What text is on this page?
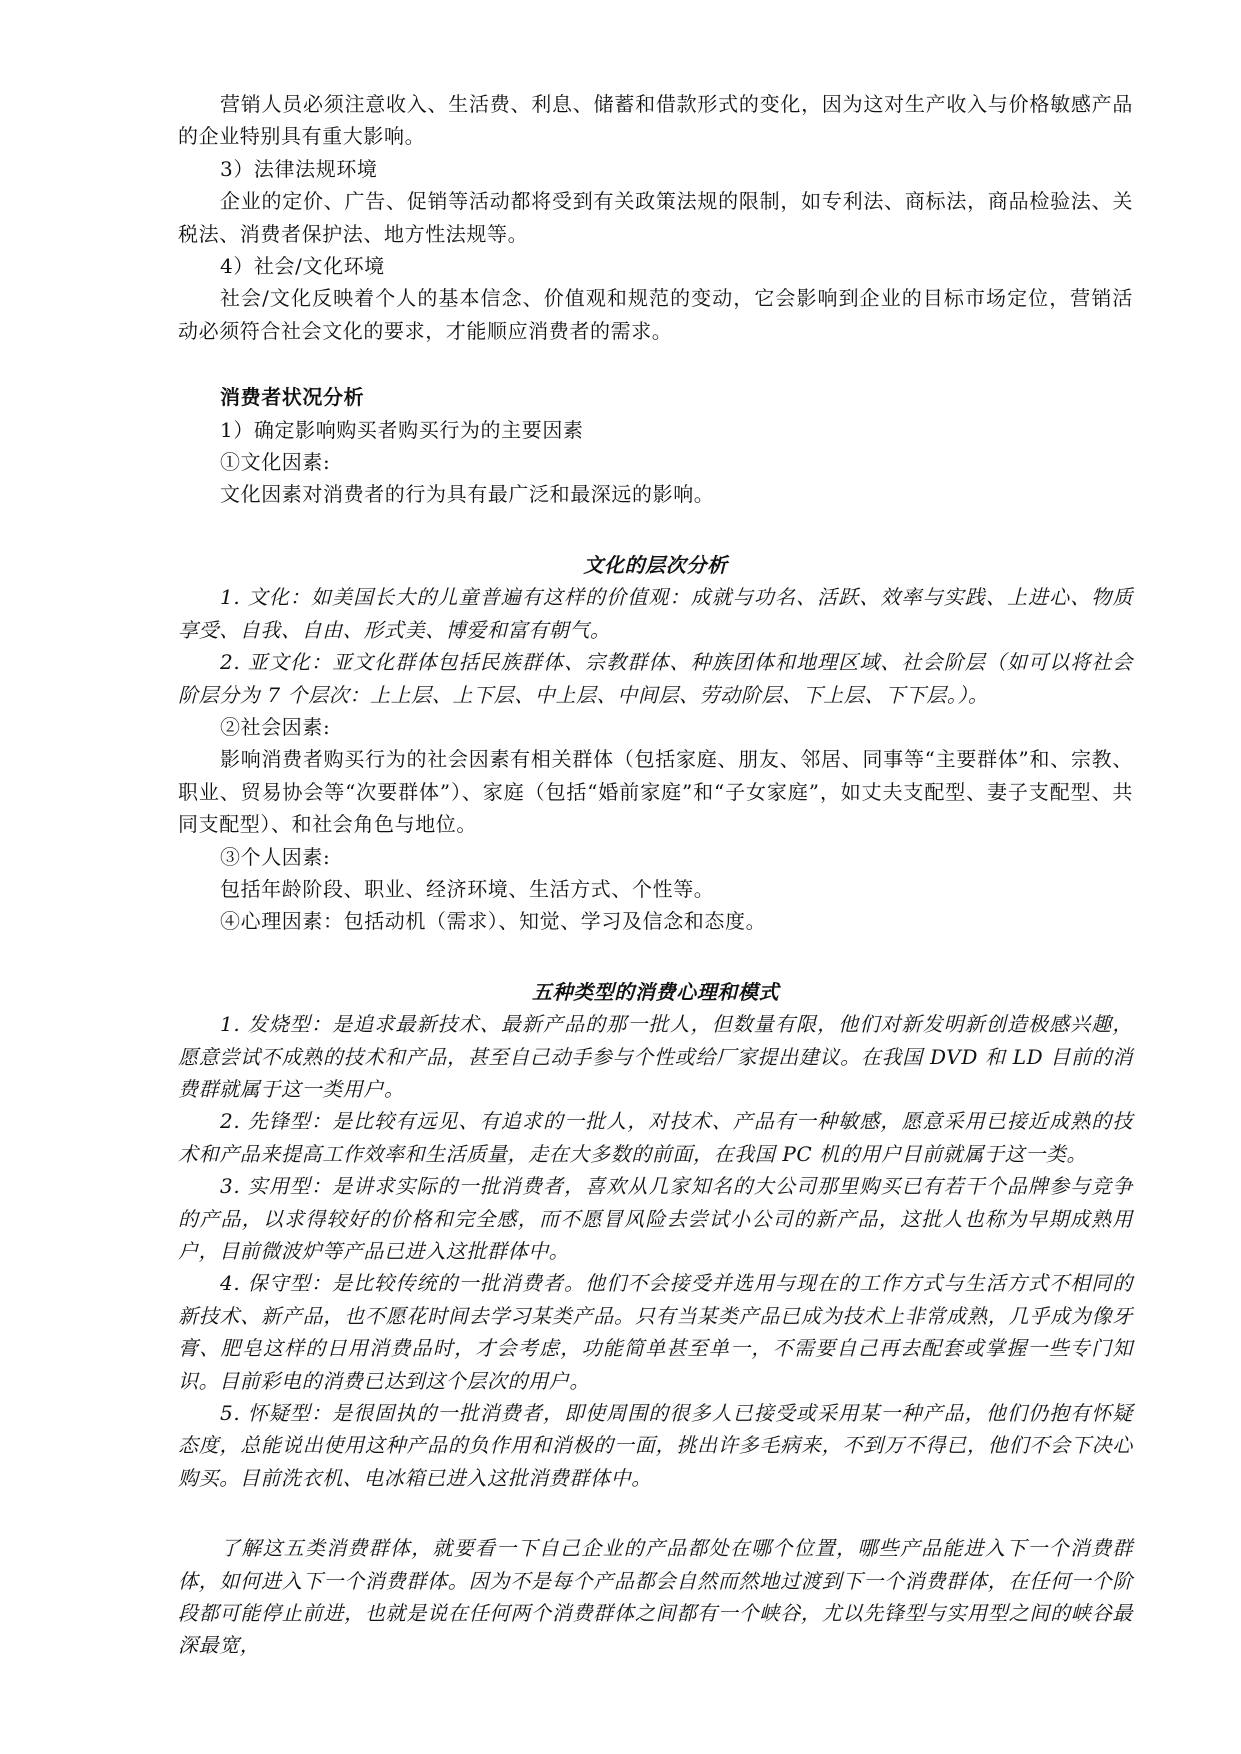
营销人员必须注意收入、生活费、利息、储蓄和借款形式的变化，因为这对生产收入与价格敏感产品的企业特别具有重大影响。

3）法律法规环境

企业的定价、广告、促销等活动都将受到有关政策法规的限制，如专利法、商标法，商品检验法、关税法、消费者保护法、地方性法规等。

4）社会/文化环境

社会/文化反映着个人的基本信念、价值观和规范的变动，它会影响到企业的目标市场定位，营销活动必须符合社会文化的要求，才能顺应消费者的需求。

消费者状况分析

1）确定影响购买者购买行为的主要因素

①文化因素:

文化因素对消费者的行为具有最广泛和最深远的影响。

文化的层次分析

1. 文化：如美国长大的儿童普遍有这样的价值观：成就与功名、活跃、效率与实践、上进心、物质享受、自我、自由、形式美、博爱和富有朝气。

2. 亚文化：亚文化群体包括民族群体、宗教群体、种族团体和地理区域、社会阶层（如可以将社会阶层分为 7 个层次：上上层、上下层、中上层、中间层、劳动阶层、下上层、下下层。）。

②社会因素:

影响消费者购买行为的社会因素有相关群体（包括家庭、朋友、邻居、同事等“主要群体”和、宗教、职业、贸易协会等“次要群体”）、家庭（包括“婚前家庭”和“子女家庭”，如丈夫支配型、妻子支配型、共同支配型）、和社会角色与地位。

③个人因素:

包括年龄阶段、职业、经济环境、生活方式、个性等。

④心理因素：包括动机（需求）、知觉、学习及信念和态度。

五种类型的消费心理和模式

1. 发烧型：是追求最新技术、最新产品的那一批人，但数量有限，他们对新发明新创造极感兴趣，愿意尝试不成熟的技术和产品，甚至自己动手参与个性或给厂家提出建议。在我国 DVD 和 LD 目前的消费群就属于这一类用户。

2. 先锋型：是比较有远见、有追求的一批人，对技术、产品有一种敏感，愿意采用已接近成熟的技术和产品来提高工作效率和生活质量，走在大多数的前面，在我国 PC 机的用户目前就属于这一类。

3. 实用型：是讲求实际的一批消费者，喜欢从几家知名的大公司那里购买已有若干个品牌参与竞争的产品，以求得较好的价格和完全感，而不愿冒风险去尝试小公司的新产品，这批人也称为早期成熟用户，目前微波炉等产品已进入这批群体中。

4. 保守型：是比较传统的一批消费者。他们不会接受并选用与现在的工作方式与生活方式不相同的新技术、新产品，也不愿花时间去学习某类产品。只有当某类产品已成为技术上非常成熟，几乎成为像牙膏、肥皂这样的日用消费品时，才会考虑，功能简单甚至单一，不需要自己再去配套或掌握一些专门知识。目前彩电的消费已达到这个层次的用户。

5. 怀疑型：是很固执的一批消费者，即使周围的很多人已接受或采用某一种产品，他们仍抱有怀疑态度，总能说出使用这种产品的负作用和消极的一面，挑出许多毛病来，不到万不得已，他们不会下决心购买。目前洗衣机、电冰箱已进入这批消费群体中。

了解这五类消费群体，就要看一下自己企业的产品都处在哪个位置，哪些产品能进入下一个消费群体，如何进入下一个消费群体。因为不是每个产品都会自然而然地过渡到下一个消费群体，在任何一个阶段都可能停止前进，也就是说在任何两个消费群体之间都有一个峡谷，尤以先锋型与实用型之间的峡谷最深最宽，
